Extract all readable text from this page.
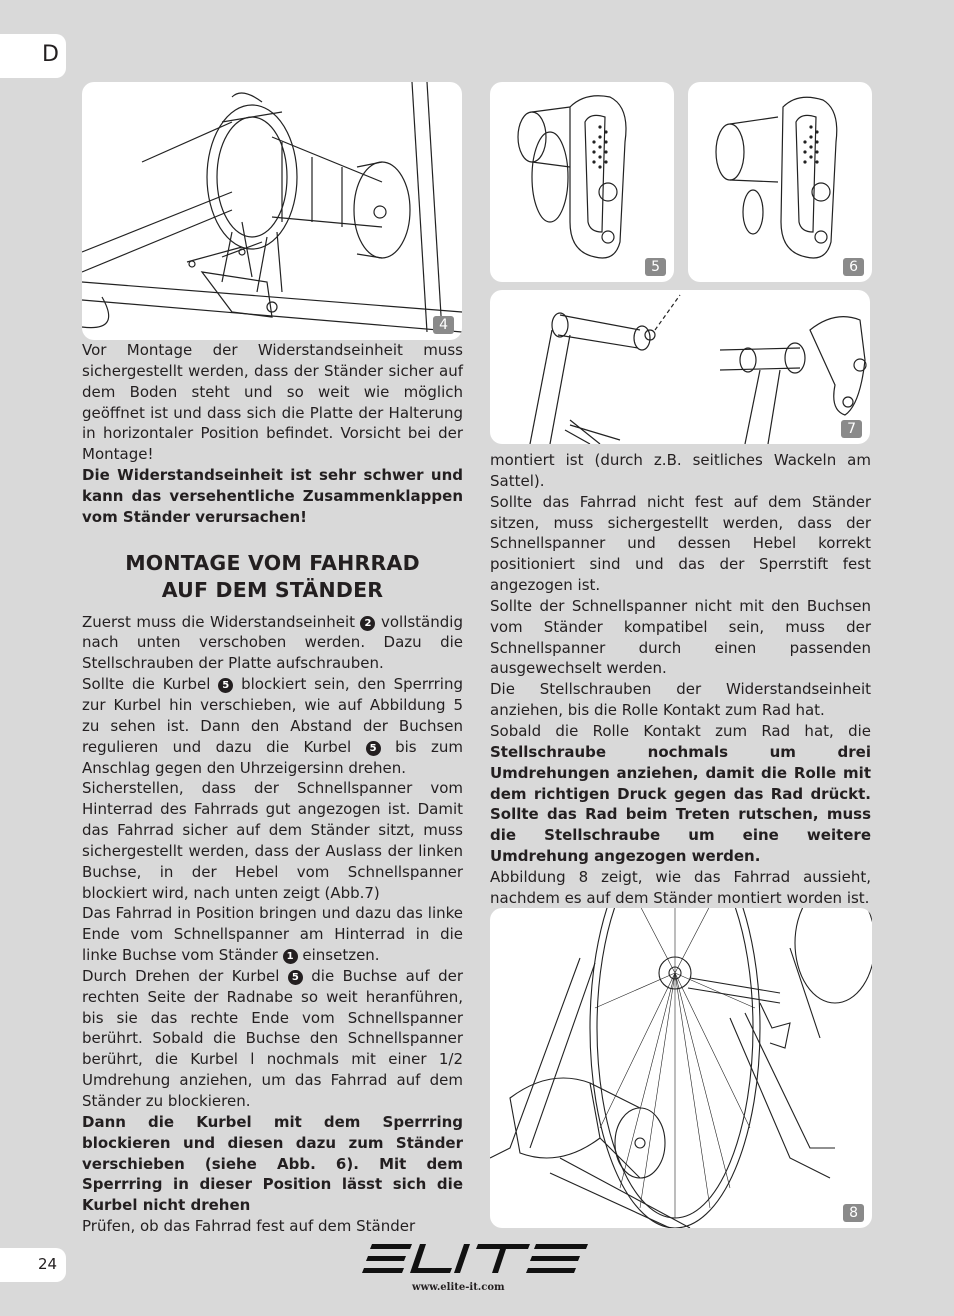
D
4
5	6
7
8

Vor Montage der Widerstandseinheit muss sichergestellt werden, dass der Ständer sicher auf dem Boden steht und so weit wie möglich geöffnet ist und dass sich die Platte der Halterung in horizontaler Position befindet. Vorsicht bei der Montage!

Die Widerstandseinheit ist sehr schwer und kann das versehentliche Zusammenklappen vom Ständer verursachen!

MONTAGE VOM FAHRRAD
AUF DEM STÄNDER

Zuerst muss die Widerstandseinheit 2 vollständig nach unten verschoben werden. Dazu die Stellschrauben der Platte aufschrauben.

Sollte die Kurbel 5 blockiert sein, den Sperrring zur Kurbel hin verschieben, wie auf Abbildung 5 zu sehen ist. Dann den Abstand der Buchsen regulieren und dazu die Kurbel 5 bis zum Anschlag gegen den Uhrzeigersinn drehen.

Sicherstellen, dass der Schnellspanner vom Hinterrad des Fahrrads gut angezogen ist. Damit das Fahrrad sicher auf dem Ständer sitzt, muss sichergestellt werden, dass der Auslass der linken Buchse, in der Hebel vom Schnellspanner blockiert wird, nach unten zeigt (Abb.7)

Das Fahrrad in Position bringen und dazu das linke Ende vom Schnellspanner am Hinterrad in die linke Buchse vom Ständer 1 einsetzen.

Durch Drehen der Kurbel 5 die Buchse auf der rechten Seite der Radnabe so weit heranführen, bis sie das rechte Ende vom Schnellspanner berührt. Sobald die Buchse den Schnellspanner berührt, die Kurbel l nochmals mit einer 1/2 Umdrehung anziehen, um das Fahrrad auf dem Ständer zu blockieren.

Dann die Kurbel mit dem Sperrring blockieren und diesen dazu zum Ständer verschieben (siehe Abb. 6). Mit dem Sperrring in dieser Position lässt sich die Kurbel nicht drehen

Prüfen, ob das Fahrrad fest auf dem Ständer

montiert ist (durch z.B. seitliches Wackeln am Sattel).

Sollte das Fahrrad nicht fest auf dem Ständer sitzen, muss sichergestellt werden, dass der Schnellspanner und dessen Hebel korrekt positioniert sind und das der Sperrstift fest angezogen ist.

Sollte der Schnellspanner nicht mit den Buchsen vom Ständer kompatibel sein, muss der Schnellspanner durch einen passenden ausgewechselt werden.

Die Stellschrauben der Widerstandseinheit anziehen, bis die Rolle Kontakt zum Rad hat.

Sobald die Rolle Kontakt zum Rad hat, die Stellschraube nochmals um drei Umdrehungen anziehen, damit die Rolle mit dem richtigen Druck gegen das Rad drückt. Sollte das Rad beim Treten rutschen, muss die Stellschraube um eine weitere Umdrehung angezogen werden.

Abbildung 8 zeigt, wie das Fahrrad aussieht, nachdem es auf dem Ständer montiert worden ist.

24
www.elite-it.com
